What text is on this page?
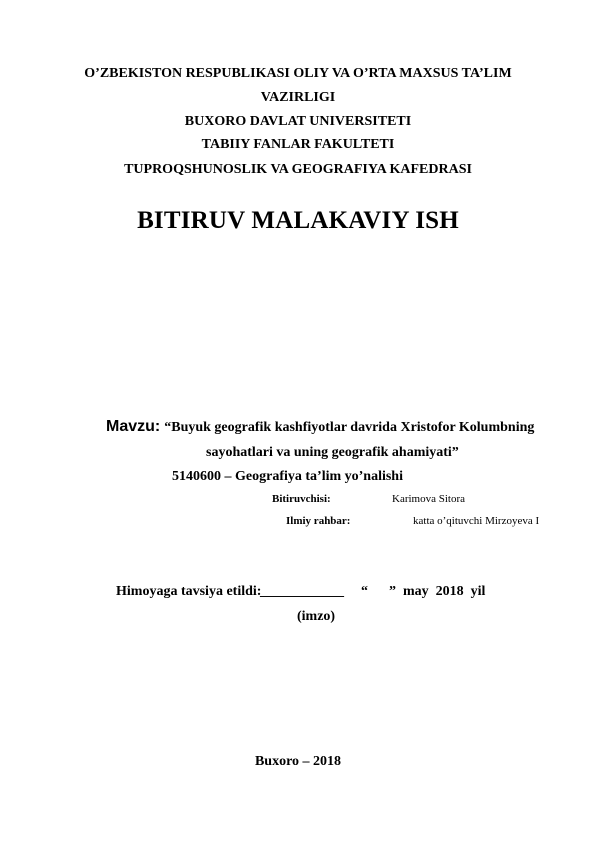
O’ZBEKISTON RESPUBLIKASI OLIY VA O’RTA MAXSUS TA’LIM
VAZIRLIGI
BUXORO DAVLAT UNIVERSITETI
TABIIY FANLAR FAKULTETI
TUPROQSHUNOSLIK VA GEOGRAFIYA KAFEDRASI
BITIRUV MALAKAVIY ISH
Mavzu: “Buyuk geografik kashfiyotlar davrida Xristofor Kolumbning
sayohatlari va uning geografik ahamiyati”
5140600 – Geografiya ta’lim yo’nalishi
Bitiruvchisi:	Karimova Sitora
Ilmiy rahbar:	katta o’qituvchi Mirzoyeva I
Himoyaga tavsiya etildi:
____________ “      ”  may  2018  yil
(imzo)
Buxoro – 2018
